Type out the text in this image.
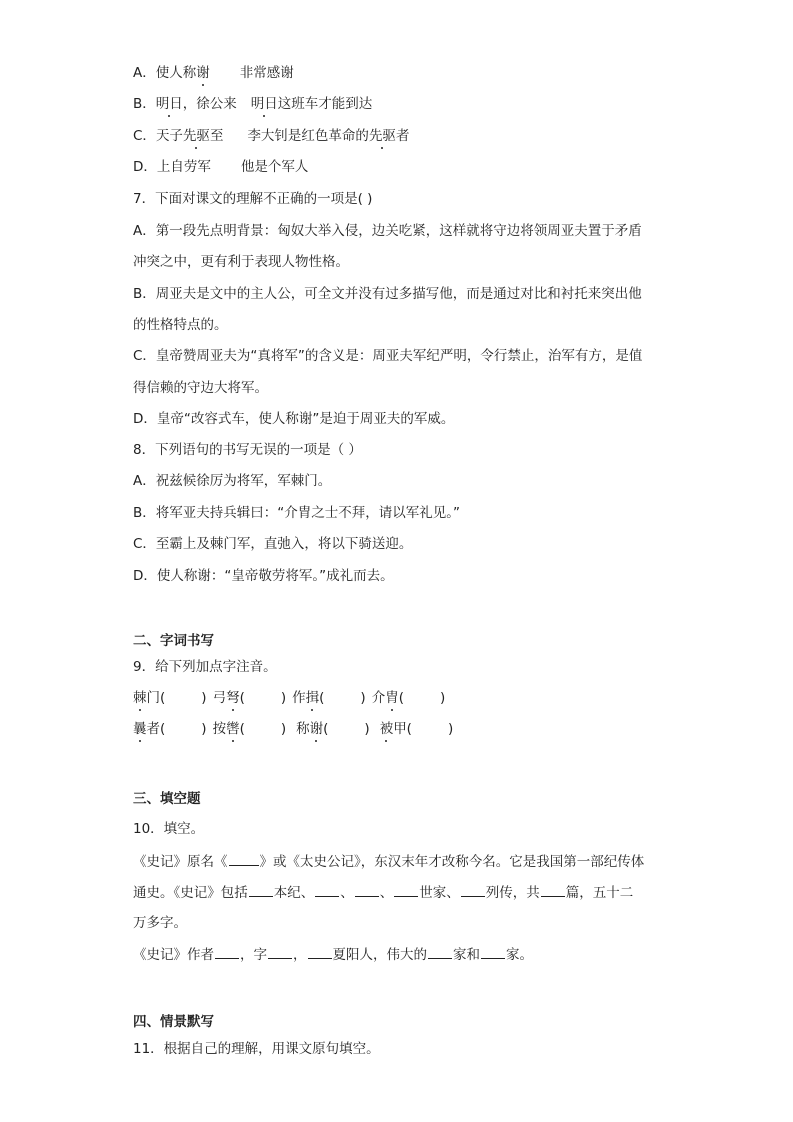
A．使人称谢 非常感谢
B．明日，徐公来 明日这班车才能到达
C．天子先驱至 李大钊是红色革命的先驱者
D．上自劳军 他是个军人
7．下面对课文的理解不正确的一项是( )
A．第一段先点明背景：匈奴大举入侵，边关吃紧，这样就将守边将领周亚夫置于矛盾
冲突之中，更有利于表现人物性格。
B．周亚夫是文中的主人公，可全文并没有过多描写他，而是通过对比和衬托来突出他
的性格特点的。
C．皇帝赞周亚夫为“真将军”的含义是：周亚夫军纪严明，令行禁止，治军有方，是值
得信赖的守边大将军。
D．皇帝“改容式车，使人称谢”是迫于周亚夫的军威。
8．下列语句的书写无误的一项是（ ）
A．祝兹候徐厉为将军，军棘门。
B．将军亚夫持兵辑曰：“介胄之士不拜，请以军礼见。”
C．至霸上及棘门军，直弛入，将以下骑送迎。
D．使人称谢：“皇帝敬劳将军。”成礼而去。
二、字词书写
9．给下列加点字注音。
棘门(	) 弓弩(	) 作揖(	) 介胄(	)
曩者(	) 按辔(	) 称谢(	) 被甲(	)
三、填空题
10．填空。
《史记》原名《 》或《太史公记》，东汉末年才改称今名。它是我国第一部纪传体
通史。《史记》包括 本纪、 、 、 世家、 列传，共 篇，五十二
万多字。
《史记》作者 ，字 ， 夏阳人，伟大的 家和 家。
四、情景默写
11．根据自己的理解，用课文原句填空。
